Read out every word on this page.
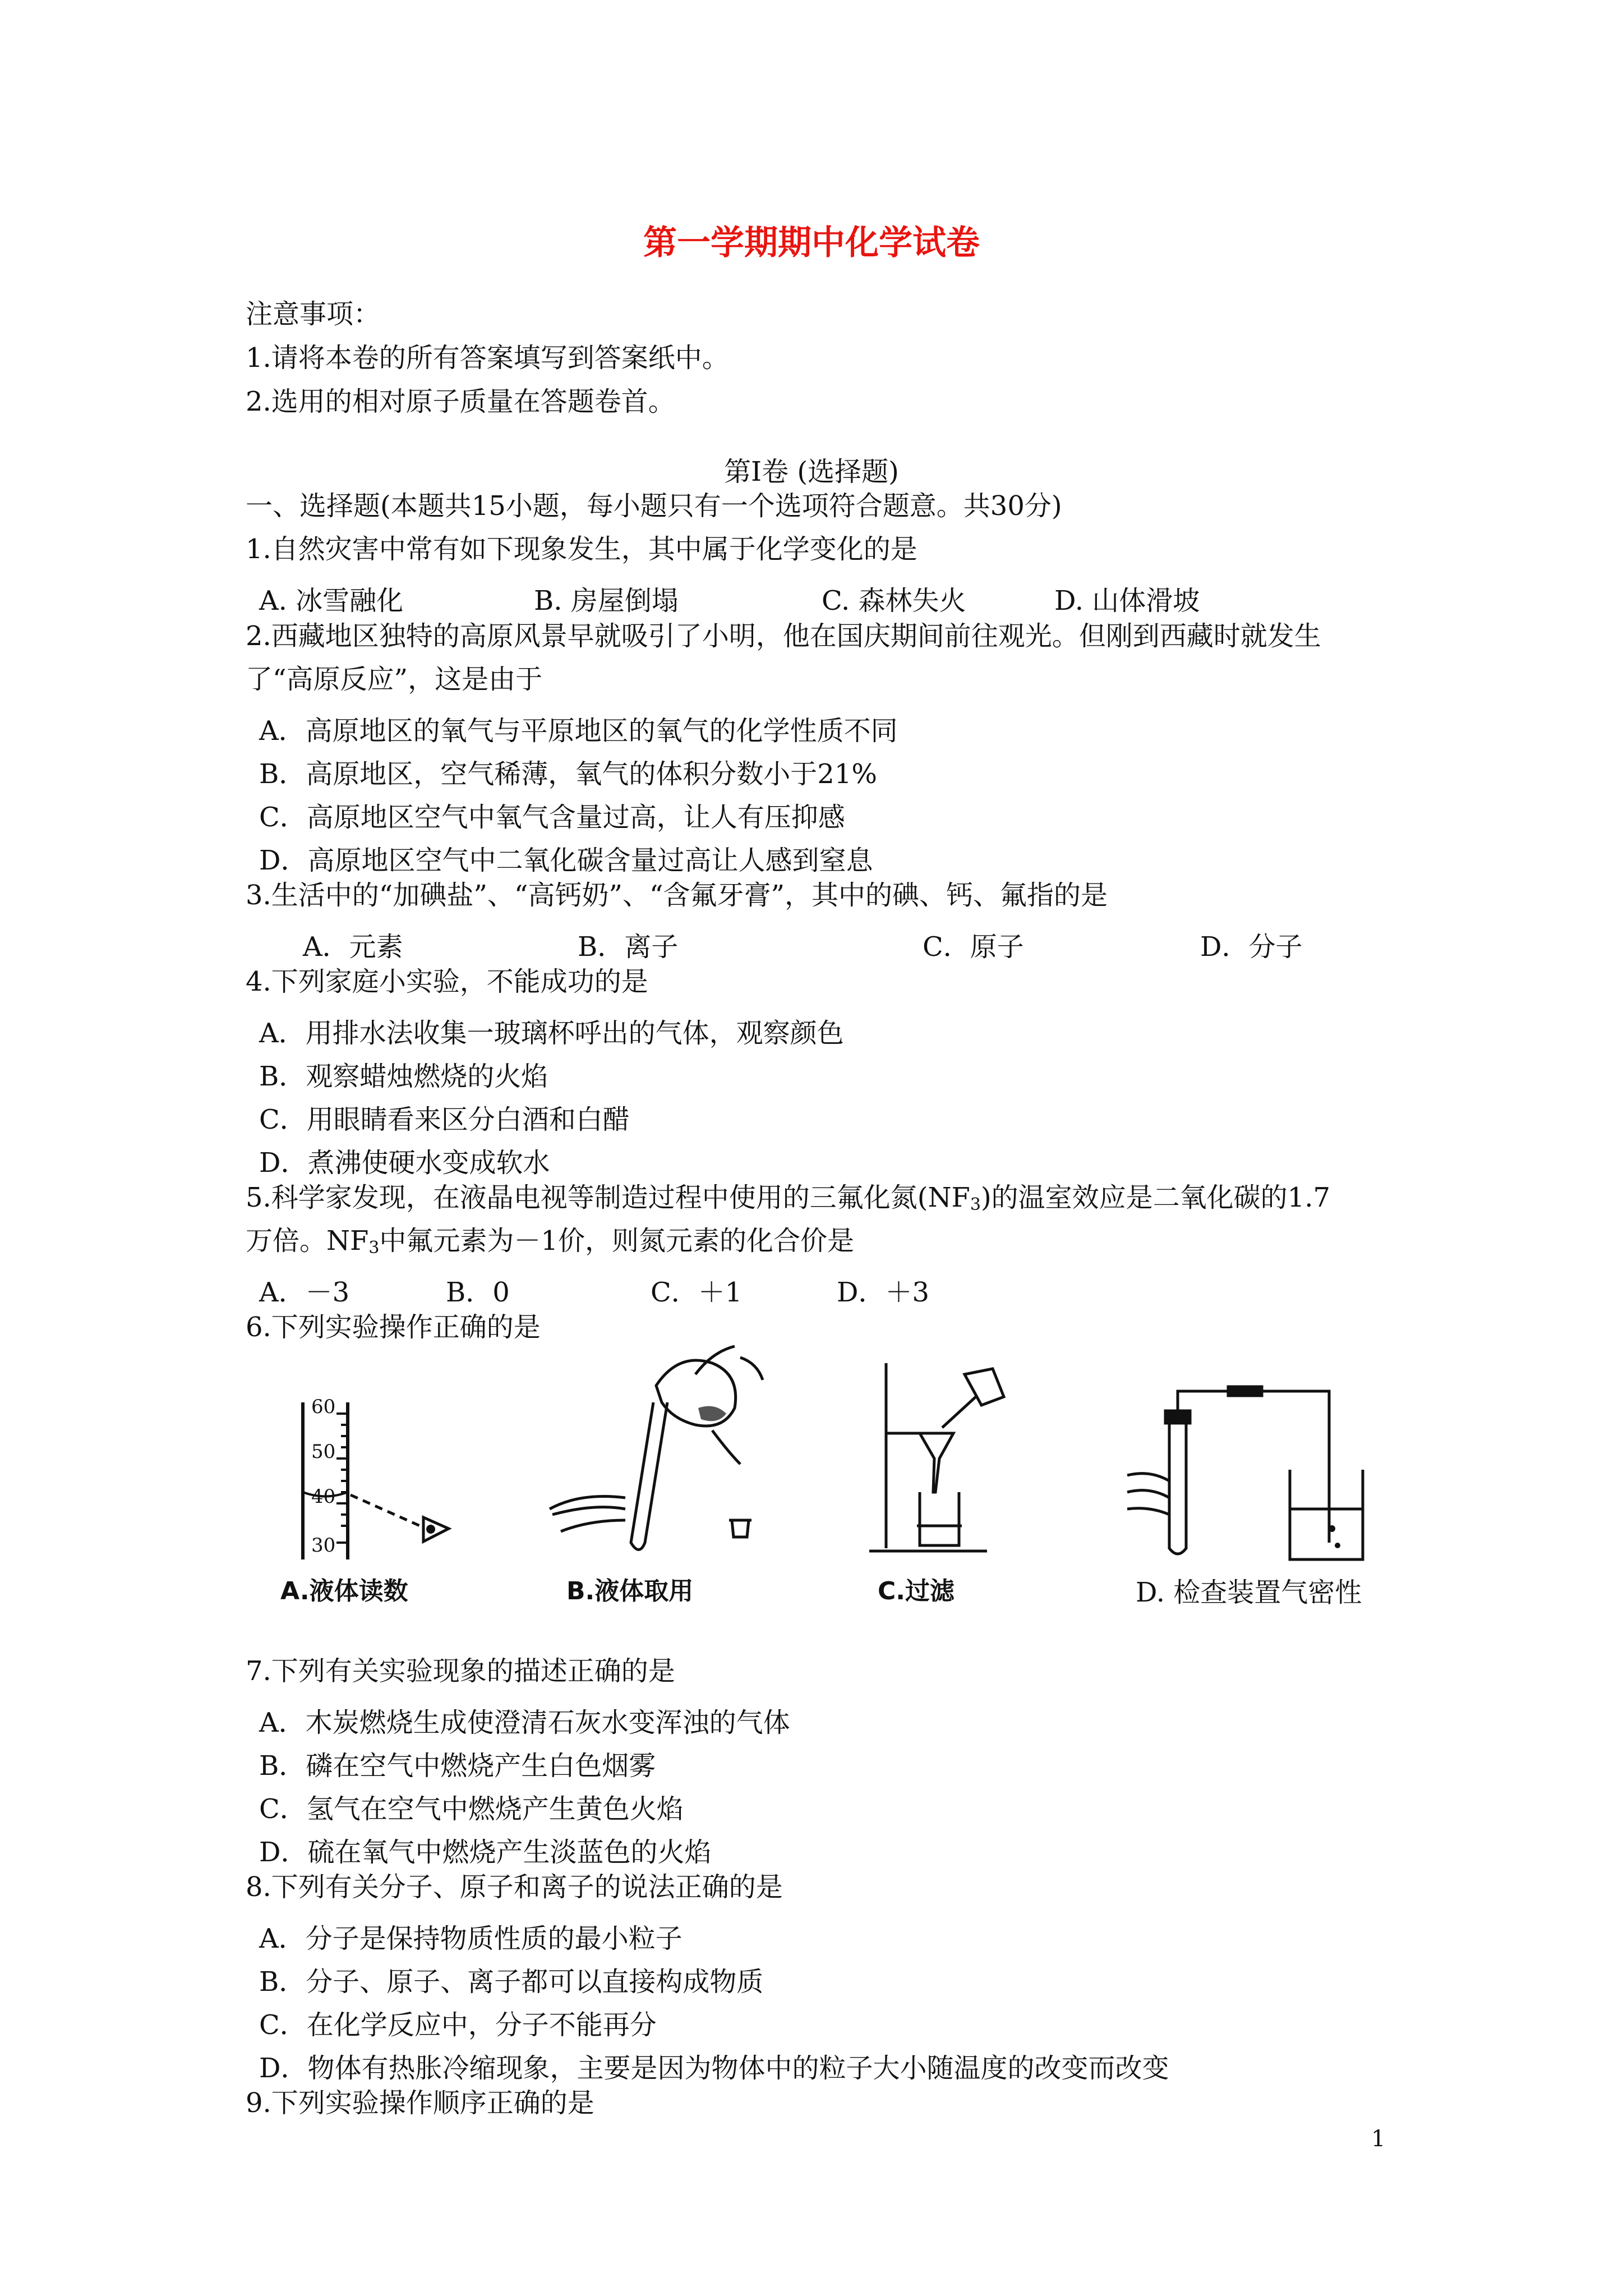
第一学期期中化学试卷
注意事项：
1.请将本卷的所有答案填写到答案纸中。
2.选用的相对原子质量在答题卷首。
第Ⅰ卷 (选择题)
一、选择题(本题共15小题，每小题只有一个选项符合题意。共30分)
1.自然灾害中常有如下现象发生，其中属于化学变化的是
A. 冰雪融化	B. 房屋倒塌	C. 森林失火	D. 山体滑坡
2.西藏地区独特的高原风景早就吸引了小明，他在国庆期间前往观光。但刚到西藏时就发生
了“高原反应”，这是由于
A．高原地区的氧气与平原地区的氧气的化学性质不同
B．高原地区，空气稀薄，氧气的体积分数小于21%
C．高原地区空气中氧气含量过高，让人有压抑感
D．高原地区空气中二氧化碳含量过高让人感到窒息
3.生活中的“加碘盐”、“高钙奶”、“含氟牙膏”，其中的碘、钙、氟指的是
A．元素	B．离子	C．原子	D．分子
4.下列家庭小实验，不能成功的是
A．用排水法收集一玻璃杯呼出的气体，观察颜色
B．观察蜡烛燃烧的火焰
C．用眼睛看来区分白酒和白醋
D．煮沸使硬水变成软水
5.科学家发现，在液晶电视等制造过程中使用的三氟化氮$(NF_3)$的温室效应是二氧化碳的1.7
万倍。$NF_3$中氟元素为－1价，则氮元素的化合价是
A．－3	B．0	C．＋1	D．＋3
6.下列实验操作正确的是
60
50
40
30
A.液体读数	B.液体取用	C.过滤	D. 检查装置气密性
7.下列有关实验现象的描述正确的是
A．木炭燃烧生成使澄清石灰水变浑浊的气体
B．磷在空气中燃烧产生白色烟雾
C．氢气在空气中燃烧产生黄色火焰
D．硫在氧气中燃烧产生淡蓝色的火焰
8.下列有关分子、原子和离子的说法正确的是
A．分子是保持物质性质的最小粒子
B．分子、原子、离子都可以直接构成物质
C．在化学反应中，分子不能再分
D．物体有热胀冷缩现象，主要是因为物体中的粒子大小随温度的改变而改变
9.下列实验操作顺序正确的是
1
